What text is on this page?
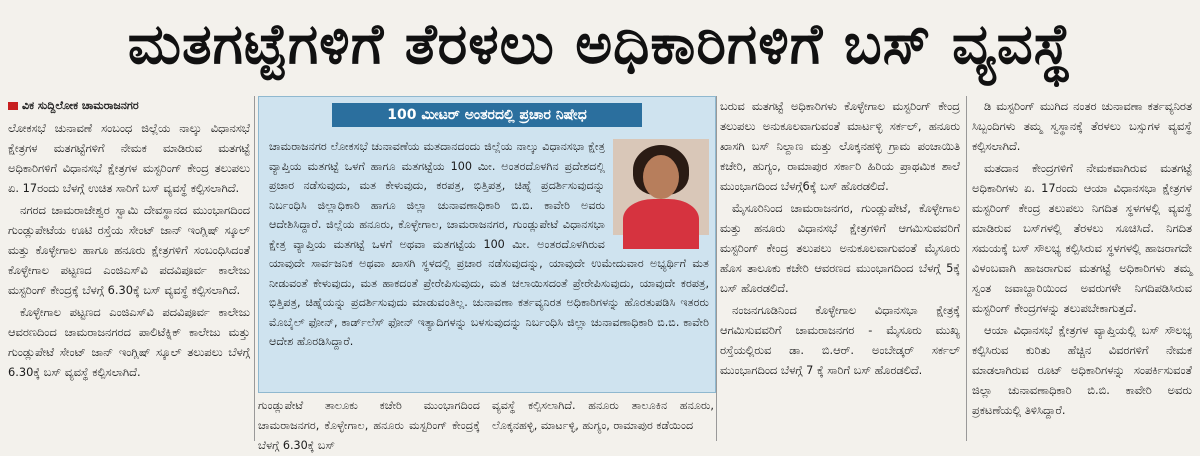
ಮತಗಟ್ಟೆಗಳಿಗೆ ತೆರಳಲು ಅಧಿಕಾರಿಗಳಿಗೆ ಬಸ್ ವ್ಯವಸ್ಥೆ
ವಿಕ ಸುದ್ದಿಲೋಕ ಚಾಮರಾಜನಗರ

ಲೋಕಸಭೆ ಚುನಾವಣೆ ಸಂಬಂಧ ಜಿಲ್ಲೆಯ ನಾಲ್ಕು ವಿಧಾನಸಭೆ ಕ್ಷೇತ್ರಗಳ ಮತಗಟ್ಟೆಗಳಿಗೆ ನೇಮಕ ಮಾಡಿರುವ ಮತಗಟ್ಟೆ ಅಧಿಕಾರಿಗಳಿಗೆ ವಿಧಾನಸಭೆ ಕ್ಷೇತ್ರಗಳ ಮಸ್ಟರಿಂಗ್ ಕೇಂದ್ರ ತಲುಪಲು ಏ. 17ರಂದು ಬೆಳಗ್ಗೆ ಉಚಿತ ಸಾರಿಗೆ ಬಸ್ ವ್ಯವಸ್ಥೆ ಕಲ್ಪಿಸಲಾಗಿದೆ.

ನಗರದ ಚಾಮರಾಜೇಶ್ವರ ಸ್ವಾಮಿ ದೇವಸ್ಥಾನದ ಮುಂಭಾಗದಿಂದ ಗುಂಡ್ಲುಪೇಟೆಯ ಊಟಿ ರಸ್ತೆಯ ಸೇಂಟ್ ಜಾನ್ ಇಂಗ್ಲಿಷ್ ಸ್ಕೂಲ್ ಮತ್ತು ಕೊಳ್ಳೇಗಾಲ ಹಾಗೂ ಹನೂರು ಕ್ಷೇತ್ರಗಳಿಗೆ ಸಂಬಂಧಿಸಿದಂತೆ ಕೊಳ್ಳೇಗಾಲ ಪಟ್ಟಣದ ಎಂಜಿಎಸ್‌ವಿ ಪದವಿಪೂರ್ವ ಕಾಲೇಜು ಮಸ್ಟರಿಂಗ್ ಕೇಂದ್ರಕ್ಕೆ ಬೆಳಗ್ಗೆ 6.30ಕ್ಕೆ ಬಸ್ ವ್ಯವಸ್ಥೆ ಕಲ್ಪಿಸಲಾಗಿದೆ.

ಕೊಳ್ಳೇಗಾಲ ಪಟ್ಟಣದ ಎಂಜಿಎಸ್‌ವಿ ಪದವಿಪೂರ್ವ ಕಾಲೇಜು ಆವರಣದಿಂದ ಚಾಮರಾಜನಗರದ ಪಾಲಿಟೆಕ್ನಿಕ್ ಕಾಲೇಜು ಮತ್ತು ಗುಂಡ್ಲುಪೇಟೆ ಸೇಂಟ್ ಜಾನ್ ಇಂಗ್ಲಿಷ್ ಸ್ಕೂಲ್ ತಲುಪಲು ಬೆಳಗ್ಗೆ 6.30ಕ್ಕೆ ಬಸ್ ವ್ಯವಸ್ಥೆ ಕಲ್ಪಿಸಲಾಗಿದೆ.

100 ಮೀಟರ್ ಅಂತರದಲ್ಲಿ ಪ್ರಚಾರ ನಿಷೇಧ
ಚಾಮರಾಜನಗರ ಲೋಕಸಭೆ ಚುನಾವಣೆಯ ಮತದಾನದಂದು ಜಿಲ್ಲೆಯ ನಾಲ್ಕು ವಿಧಾನಸಭಾ ಕ್ಷೇತ್ರ ವ್ಯಾಪ್ತಿಯ ಮತಗಟ್ಟೆ ಒಳಗೆ ಹಾಗೂ ಮತಗಟ್ಟೆಯ 100 ಮೀ. ಅಂತರದೊಳಗಿನ ಪ್ರದೇಶದಲ್ಲಿ ಪ್ರಚಾರ ನಡೆಸುವುದು, ಮತ ಕೇಳುವುದು, ಕರಪತ್ರ, ಭಿತ್ತಿಪತ್ರ, ಚಿಹ್ನೆ ಪ್ರದರ್ಶಿಸುವುದನ್ನು ನಿರ್ಬಂಧಿಸಿ ಜಿಲ್ಲಾಧಿಕಾರಿ ಹಾಗೂ ಜಿಲ್ಲಾ ಚುನಾವಣಾಧಿಕಾರಿ ಬಿ.ಬಿ. ಕಾವೇರಿ ಅವರು ಆದೇಶಿಸಿದ್ದಾರೆ. ಜಿಲ್ಲೆಯ ಹನೂರು, ಕೊಳ್ಳೇಗಾಲ, ಚಾಮರಾಜನಗರ, ಗುಂಡ್ಲುಪೇಟೆ ವಿಧಾನಸಭಾ ಕ್ಷೇತ್ರ ವ್ಯಾಪ್ತಿಯ ಮತಗಟ್ಟೆ ಒಳಗೆ ಅಥವಾ ಮತಗಟ್ಟೆಯ 100 ಮೀ. ಅಂತರದೊಳಗಿರುವ ಯಾವುದೇ ಸಾರ್ವಜನಿಕ ಅಥವಾ ಖಾಸಗಿ ಸ್ಥಳದಲ್ಲಿ ಪ್ರಚಾರ ನಡೆಸುವುದನ್ನು, ಯಾವುದೇ ಉಮೇದುವಾರ ಅಭ್ಯರ್ಥಿಗೆ ಮತ ನೀಡುವಂತೆ ಕೇಳುವುದು, ಮತ ಹಾಕದಂತೆ ಪ್ರೇರೇಪಿಸುವುದು, ಮತ ಚಲಾಯಿಸದಂತೆ ಪ್ರೇರೇಪಿಸುವುದು, ಯಾವುದೇ ಕರಪತ್ರ, ಭಿತ್ತಿಪತ್ರ, ಚಿಹ್ನೆಯನ್ನು ಪ್ರದರ್ಶಿಸುವುದು ಮಾಡುವಂತಿಲ್ಲ. ಚುನಾವಣಾ ಕರ್ತವ್ಯನಿರತ ಅಧಿಕಾರಿಗಳನ್ನು ಹೊರತುಪಡಿಸಿ ಇತರರು ಮೊಬೈಲ್ ಫೋನ್, ಕಾರ್ಡ್‌ಲೆಸ್ ಫೋನ್ ಇತ್ಯಾದಿಗಳನ್ನು ಬಳಸುವುದನ್ನು ನಿರ್ಬಂಧಿಸಿ ಜಿಲ್ಲಾ ಚುನಾವಣಾಧಿಕಾರಿ ಬಿ.ಬಿ. ಕಾವೇರಿ ಆದೇಶ ಹೊರಡಿಸಿದ್ದಾರೆ.

ಗುಂಡ್ಲುಪೇಟೆ ತಾಲೂಕು ಕಚೇರಿ ಮುಂಭಾಗದಿಂದ ಚಾಮರಾಜನಗರ, ಕೊಳ್ಳೇಗಾಲ, ಹನೂರು ಮಸ್ಟರಿಂಗ್ ಕೇಂದ್ರಕ್ಕೆ ಬೆಳಗ್ಗೆ 6.30ಕ್ಕೆ ಬಸ್

ವ್ಯವಸ್ಥೆ ಕಲ್ಪಿಸಲಾಗಿದೆ. ಹನೂರು ತಾಲೂಕಿನ ಹನೂರು, ಲೊಕ್ಕನಹಳ್ಳಿ, ಮಾರ್ಟಳ್ಳಿ, ಹುಗ್ಯಂ, ರಾಮಾಪುರ ಕಡೆಯಿಂದ

ಬರುವ ಮತಗಟ್ಟೆ ಅಧಿಕಾರಿಗಳು ಕೊಳ್ಳೇಗಾಲ ಮಸ್ಟರಿಂಗ್ ಕೇಂದ್ರ ತಲುಪಲು ಅನುಕೂಲವಾಗುವಂತೆ ಮಾರ್ಟಳ್ಳಿ ಸರ್ಕಲ್, ಹನೂರು ಖಾಸಗಿ ಬಸ್ ನಿಲ್ದಾಣ ಮತ್ತು ಲೊಕ್ಕನಹಳ್ಳಿ ಗ್ರಾಮ ಪಂಚಾಯಿತಿ ಕಚೇರಿ, ಹುಗ್ಯಂ, ರಾಮಾಪುರ ಸರ್ಕಾರಿ ಹಿರಿಯ ಪ್ರಾಥಮಿಕ ಶಾಲೆ ಮುಂಭಾಗದಿಂದ ಬೆಳಗ್ಗೆ6ಕ್ಕೆ ಬಸ್ ಹೊರಡಲಿದೆ.

ಮೈಸೂರಿನಿಂದ ಚಾಮರಾಜನಗರ, ಗುಂಡ್ಲುಪೇಟೆ, ಕೊಳ್ಳೇಗಾಲ ಮತ್ತು ಹನೂರು ವಿಧಾನಸಭೆ ಕ್ಷೇತ್ರಗಳಿಗೆ ಆಗಮಿಸುವವರಿಗೆ ಮಸ್ಟರಿಂಗ್ ಕೇಂದ್ರ ತಲುಪಲು ಅನುಕೂಲವಾಗುವಂತೆ ಮೈಸೂರು ಹೊಸ ತಾಲೂಕು ಕಚೇರಿ ಆವರಣದ ಮುಂಭಾಗದಿಂದ ಬೆಳಗ್ಗೆ 5ಕ್ಕೆ ಬಸ್ ಹೊರಡಲಿದೆ.

ನಂಜನಗೂಡಿನಿಂದ ಕೊಳ್ಳೇಗಾಲ ವಿಧಾನಸಭಾ ಕ್ಷೇತ್ರಕ್ಕೆ ಆಗಮಿಸುವವರಿಗೆ ಚಾಮರಾಜನಗರ - ಮೈಸೂರು ಮುಖ್ಯ ರಸ್ತೆಯಲ್ಲಿರುವ ಡಾ. ಬಿ.ಆರ್. ಅಂಬೇಡ್ಕರ್ ಸರ್ಕಲ್ ಮುಂಭಾಗದಿಂದ ಬೆಳಗ್ಗೆ 7 ಕ್ಕೆ ಸಾರಿಗೆ ಬಸ್ ಹೊರಡಲಿದೆ.

ಡಿ ಮಸ್ಟರಿಂಗ್ ಮುಗಿದ ನಂತರ ಚುನಾವಣಾ ಕರ್ತವ್ಯನಿರತ ಸಿಬ್ಬಂದಿಗಳು ತಮ್ಮ ಸ್ವಸ್ಥಾನಕ್ಕೆ ತೆರಳಲು ಬಸ್ಸುಗಳ ವ್ಯವಸ್ಥೆ ಕಲ್ಪಿಸಲಾಗಿದೆ.

ಮತದಾನ ಕೇಂದ್ರಗಳಿಗೆ ನೇಮಕವಾಗಿರುವ ಮತಗಟ್ಟೆ ಅಧಿಕಾರಿಗಳು ಏ. 17ರಂದು ಆಯಾ ವಿಧಾನಸಭಾ ಕ್ಷೇತ್ರಗಳ ಮಸ್ಟರಿಂಗ್ ಕೇಂದ್ರ ತಲುಪಲು ನಿಗದಿತ ಸ್ಥಳಗಳಲ್ಲಿ ವ್ಯವಸ್ಥೆ ಮಾಡಿರುವ ಬಸ್‌ಗಳಲ್ಲಿ ತೆರಳಲು ಸೂಚಿಸಿದೆ. ನಿಗದಿತ ಸಮಯಕ್ಕೆ ಬಸ್ ಸೌಲಭ್ಯ ಕಲ್ಪಿಸಿರುವ ಸ್ಥಳಗಳಲ್ಲಿ ಹಾಜರಾಗದೇ ವಿಳಂಬವಾಗಿ ಹಾಜರಾಗುವ ಮತಗಟ್ಟೆ ಅಧಿಕಾರಿಗಳು ತಮ್ಮ ಸ್ವಂತ ಜವಾಬ್ದಾರಿಯಿಂದ ಅವರುಗಳೇ ನಿಗದಿಪಡಿಸಿರುವ ಮಸ್ಟರಿಂಗ್ ಕೇಂದ್ರಗಳನ್ನು ತಲುಪಬೇಕಾಗುತ್ತದೆ.

ಆಯಾ ವಿಧಾನಸಭೆ ಕ್ಷೇತ್ರಗಳ ವ್ಯಾಪ್ತಿಯಲ್ಲಿ ಬಸ್ ಸೌಲಭ್ಯ ಕಲ್ಪಿಸಿರುವ ಕುರಿತು ಹೆಚ್ಚಿನ ವಿವರಗಳಿಗೆ ನೇಮಕ ಮಾಡಲಾಗಿರುವ ರೂಟ್ ಅಧಿಕಾರಿಗಳನ್ನು ಸಂಪರ್ಕಿಸುವಂತೆ ಜಿಲ್ಲಾ ಚುನಾವಣಾಧಿಕಾರಿ ಬಿ.ಬಿ. ಕಾವೇರಿ ಅವರು ಪ್ರಕಟಣೆಯಲ್ಲಿ ತಿಳಿಸಿದ್ದಾರೆ.
